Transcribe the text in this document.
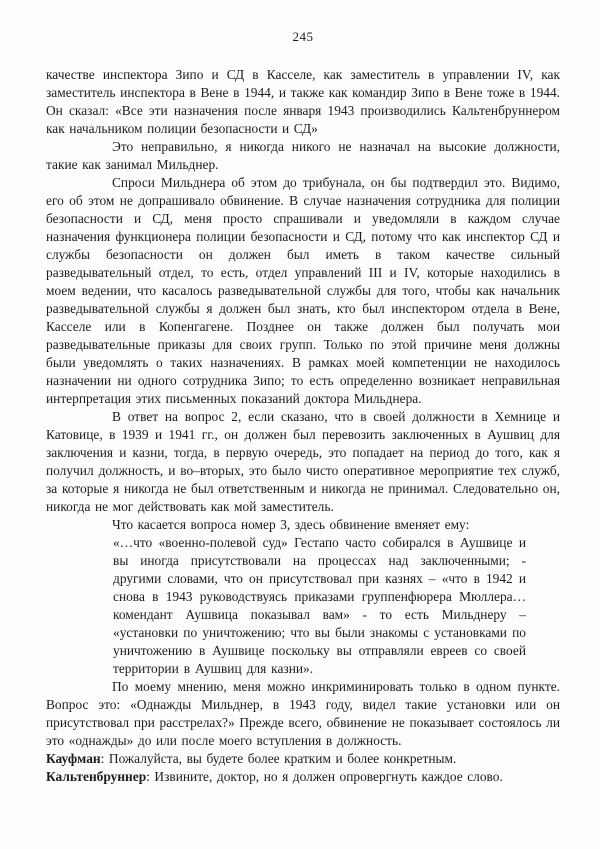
245

качестве инспектора Зипо и СД в Касселе, как заместитель в управлении IV, как заместитель инспектора в Вене в 1944, и также как командир Зипо в Вене тоже в 1944. Он сказал: «Все эти назначения после января 1943 производились Кальтенбруннером как начальником полиции безопасности и СД»

Это неправильно, я никогда никого не назначал на высокие должности, такие как занимал Мильднер.

Спроси Мильднера об этом до трибунала, он бы подтвердил это. Видимо, его об этом не допрашивало обвинение. В случае назначения сотрудника для полиции безопасности и СД, меня просто спрашивали и уведомляли в каждом случае назначения функционера полиции безопасности и СД, потому что как инспектор СД и службы безопасности он должен был иметь в таком качестве сильный разведывательный отдел, то есть, отдел управлений III и IV, которые находились в моем ведении, что касалось разведывательной службы для того, чтобы как начальник разведывательной службы я должен был знать, кто был инспектором отдела в Вене, Касселе или в Копенгагене. Позднее он также должен был получать мои разведывательные приказы для своих групп. Только по этой причине меня должны были уведомлять о таких назначениях. В рамках моей компетенции не находилось назначении ни одного сотрудника Зипо; то есть определенно возникает неправильная интерпретация этих письменных показаний доктора Мильднера.

В ответ на вопрос 2, если сказано, что в своей должности в Хемнице и Катовице, в 1939 и 1941 гг., он должен был перевозить заключенных в Аушвиц для заключения и казни, тогда, в первую очередь, это попадает на период до того, как я получил должность, и во–вторых, это было чисто оперативное мероприятие тех служб, за которые я никогда не был ответственным и никогда не принимал. Следовательно он, никогда не мог действовать как мой заместитель.

Что касается вопроса номер 3, здесь обвинение вменяет ему:

«…что «военно-полевой суд» Гестапо часто собирался в Аушвице и вы иногда присутствовали на процессах над заключенными; - другими словами, что он присутствовал при казнях – «что в 1942 и снова в 1943 руководствуясь приказами группенфюрера Мюллера…комендант Аушвица показывал вам» - то есть Мильднеру – «установки по уничтожению; что вы были знакомы с установками по уничтожению в Аушвице поскольку вы отправляли евреев со своей территории в Аушвиц для казни».

По моему мнению, меня можно инкриминировать только в одном пункте. Вопрос это: «Однажды Мильднер, в 1943 году, видел такие установки или он присутствовал при расстрелах?» Прежде всего, обвинение не показывает состоялось ли это «однажды» до или после моего вступления в должность.

Кауфман: Пожалуйста, вы будете более кратким и более конкретным.

Кальтенбруннер: Извините, доктор, но я должен опровергнуть каждое слово.
